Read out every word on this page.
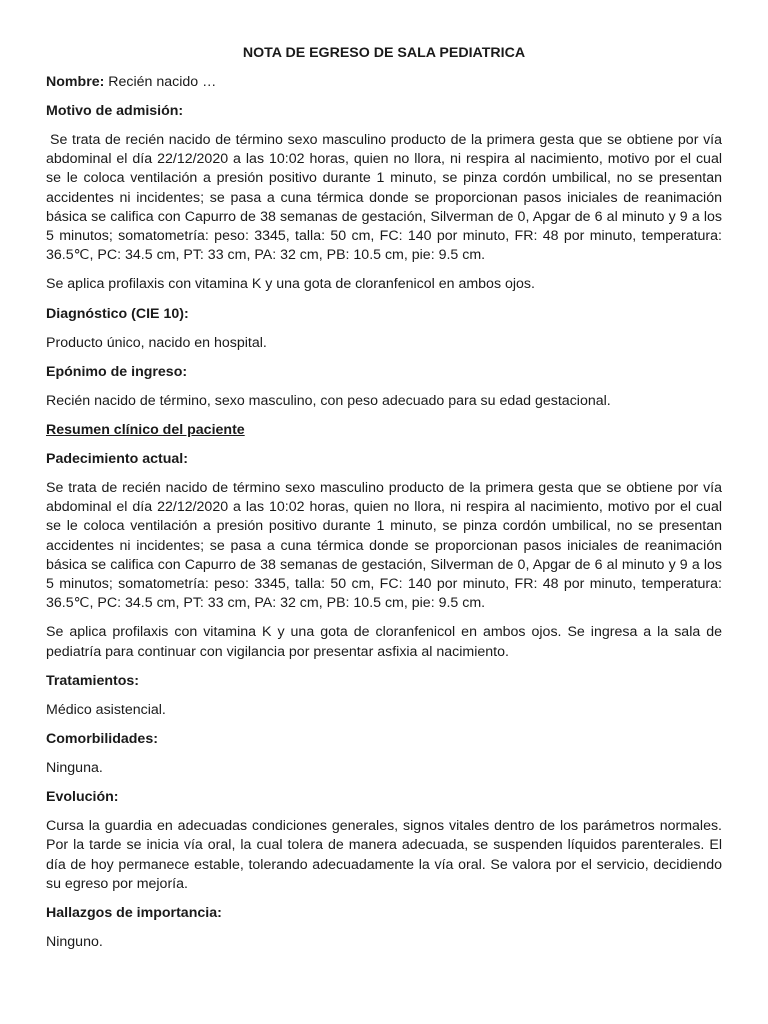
NOTA DE EGRESO DE SALA PEDIATRICA
Nombre: Recién nacido …
Motivo de admisión:
Se trata de recién nacido de término sexo masculino producto de la primera gesta que se obtiene por vía abdominal el día 22/12/2020 a las 10:02 horas, quien no llora, ni respira al nacimiento, motivo por el cual se le coloca ventilación a presión positivo durante 1 minuto, se pinza cordón umbilical, no se presentan accidentes ni incidentes; se pasa a cuna térmica donde se proporcionan pasos iniciales de reanimación básica se califica con Capurro de 38 semanas de gestación, Silverman de 0, Apgar de 6 al minuto y 9 a los 5 minutos; somatometría: peso: 3345, talla: 50 cm, FC: 140 por minuto, FR: 48 por minuto, temperatura: 36.5℃, PC: 34.5 cm, PT: 33 cm, PA: 32 cm, PB: 10.5 cm, pie: 9.5 cm.
Se aplica profilaxis con vitamina K y una gota de cloranfenicol en ambos ojos.
Diagnóstico (CIE 10):
Producto único, nacido en hospital.
Epónimo de ingreso:
Recién nacido de término, sexo masculino, con peso adecuado para su edad gestacional.
Resumen clínico del paciente
Padecimiento actual:
Se trata de recién nacido de término sexo masculino producto de la primera gesta que se obtiene por vía abdominal el día 22/12/2020 a las 10:02 horas, quien no llora, ni respira al nacimiento, motivo por el cual se le coloca ventilación a presión positivo durante 1 minuto, se pinza cordón umbilical, no se presentan accidentes ni incidentes; se pasa a cuna térmica donde se proporcionan pasos iniciales de reanimación básica se califica con Capurro de 38 semanas de gestación, Silverman de 0, Apgar de 6 al minuto y 9 a los 5 minutos; somatometría: peso: 3345, talla: 50 cm, FC: 140 por minuto, FR: 48 por minuto, temperatura: 36.5℃, PC: 34.5 cm, PT: 33 cm, PA: 32 cm, PB: 10.5 cm, pie: 9.5 cm.
Se aplica profilaxis con vitamina K y una gota de cloranfenicol en ambos ojos. Se ingresa a la sala de pediatría para continuar con vigilancia por presentar asfixia al nacimiento.
Tratamientos:
Médico asistencial.
Comorbilidades:
Ninguna.
Evolución:
Cursa la guardia en adecuadas condiciones generales, signos vitales dentro de los parámetros normales. Por la tarde se inicia vía oral, la cual tolera de manera adecuada, se suspenden líquidos parenterales. El día de hoy permanece estable, tolerando adecuadamente la vía oral. Se valora por el servicio, decidiendo su egreso por mejoría.
Hallazgos de importancia:
Ninguno.
